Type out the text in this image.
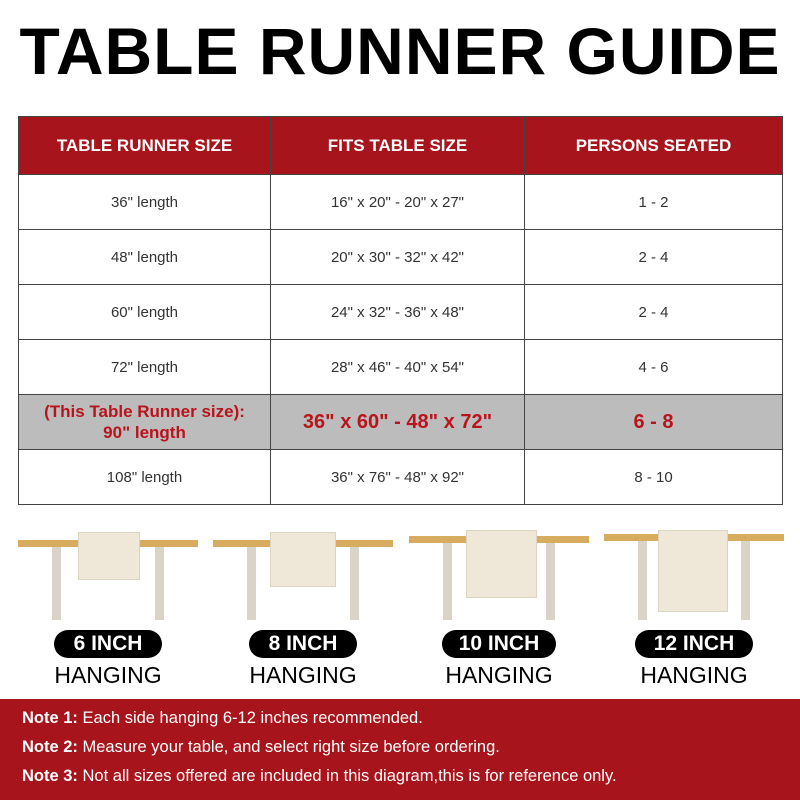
TABLE RUNNER GUIDE
TABLE RUNNER SIZE	FITS TABLE SIZE	PERSONS SEATED
36" length	16" x 20" - 20" x 27"	1 - 2
48" length	20" x 30" - 32" x 42"	2 - 4
60" length	24" x 32" - 36" x 48"	2 - 4
72" length	28" x 46" - 40" x 54"	4 - 6

(This Table Runner size):
90" length	36" x 60" - 48" x 72"	6 - 8
108" length	36" x 76" - 48" x 92"	8 - 10
6 INCH
HANGING
8 INCH
HANGING
10 INCH
HANGING
12 INCH
HANGING
Note 1: Each side hanging 6-12 inches recommended.
Note 2: Measure your table, and select right size before ordering.
Note 3: Not all sizes offered are included in this diagram,this is for reference only.
